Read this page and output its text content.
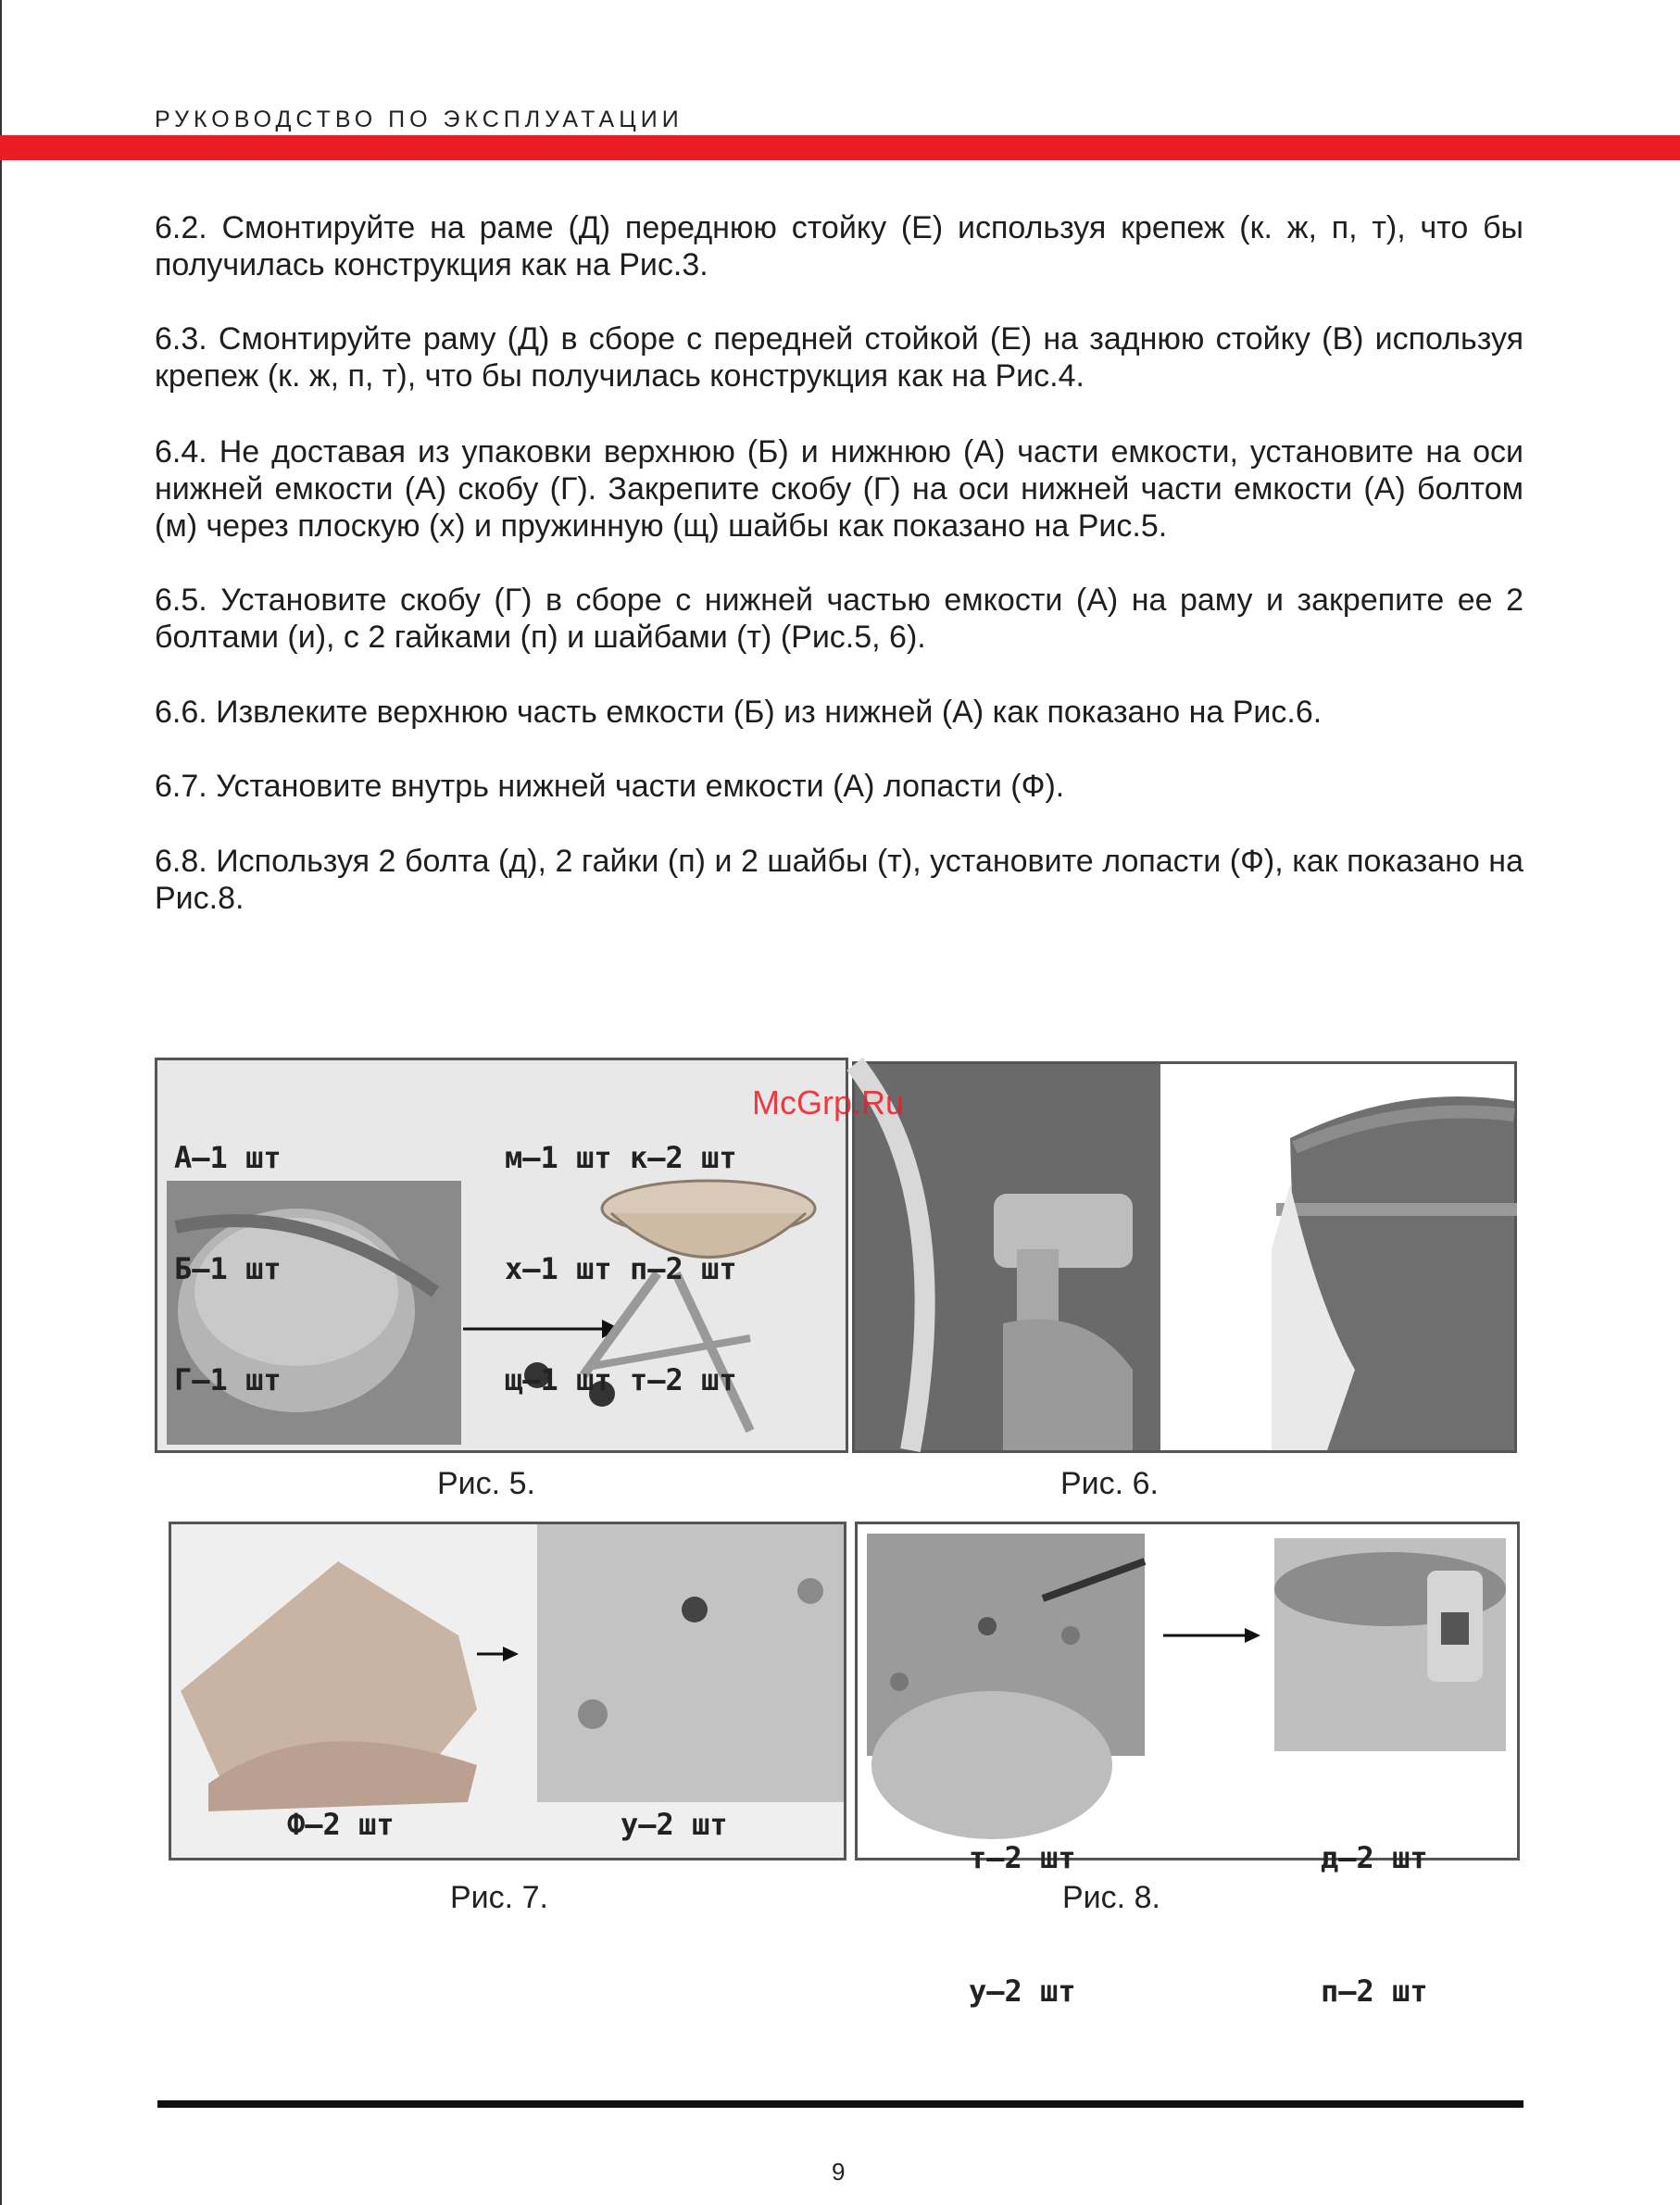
РУКОВОДСТВО ПО ЭКСПЛУАТАЦИИ
6.2. Смонтируйте на раме (Д) переднюю стойку (Е) используя крепеж (к. ж, п, т), что бы получилась конструкция как на Рис.3.
6.3. Смонтируйте раму (Д) в сборе с передней стойкой (Е) на заднюю стойку (В) используя крепеж (к. ж, п, т), что бы получилась конструкция как на Рис.4.
6.4. Не доставая из упаковки верхнюю (Б) и нижнюю (А) части емкости, установите на оси нижней емкости (А) скобу (Г). Закрепите скобу (Г) на оси нижней части емкости (А) болтом (м) через плоскую (х) и пружинную (щ) шайбы как показано на Рис.5.
6.5. Установите скобу (Г) в сборе с нижней частью емкости (А) на раму и закрепите ее 2 болтами (и), с 2 гайками (п) и шайбами (т) (Рис.5, 6).
6.6. Извлеките верхнюю часть емкости (Б) из нижней (А) как показано на Рис.6.
6.7. Установите внутрь нижней части емкости (А) лопасти (Ф).
6.8. Используя 2 болта (д), 2 гайки (п) и 2 шайбы (т), установите лопасти (Ф), как показано на Рис.8.

А–1 шт

Б–1 шт

Г–1 шт

м–1 шт

х–1 шт

щ–1 шт

к–2 шт

п–2 шт

т–2 шт

McGrp.Ru
Рис. 5.	Рис. 6.
Ф–2 шт	у–2 шт

т–2 шт

у–2 шт

д–2 шт

п–2 шт

Рис. 7.	Рис. 8.
9
